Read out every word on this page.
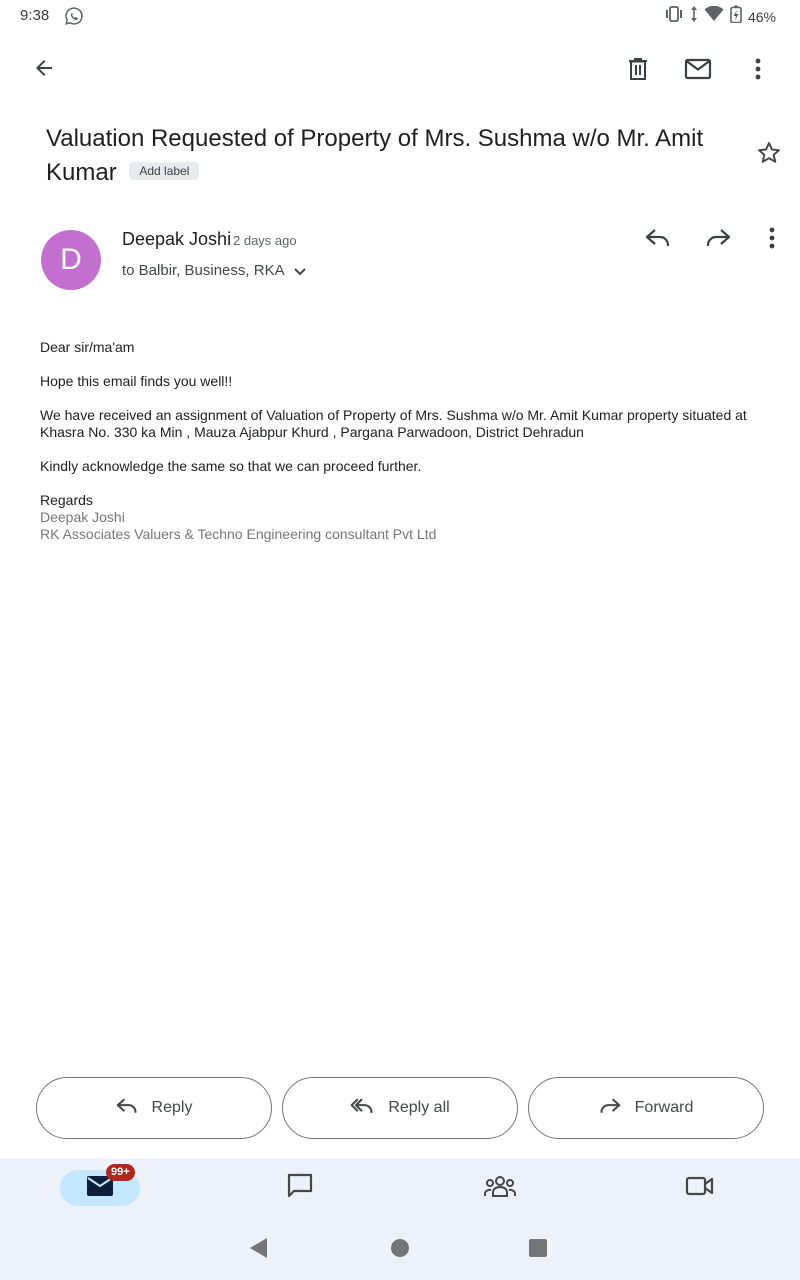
9:38	46%
Valuation Requested of Property of Mrs. Sushma w/o Mr. Amit Kumar Add label
D
Deepak Joshi 2 days ago
to Balbir, Business, RKA

Dear sir/ma'am

Hope this email finds you well!!

We have received an assignment of Valuation of Property of Mrs. Sushma w/o Mr. Amit Kumar property situated at Khasra No. 330 ka Min , Mauza Ajabpur Khurd , Pargana Parwadoon, District Dehradun

Kindly acknowledge the same so that we can proceed further.

Regards
Deepak Joshi
RK Associates Valuers & Techno Engineering consultant Pvt Ltd
Reply	Reply all	Forward
99+
